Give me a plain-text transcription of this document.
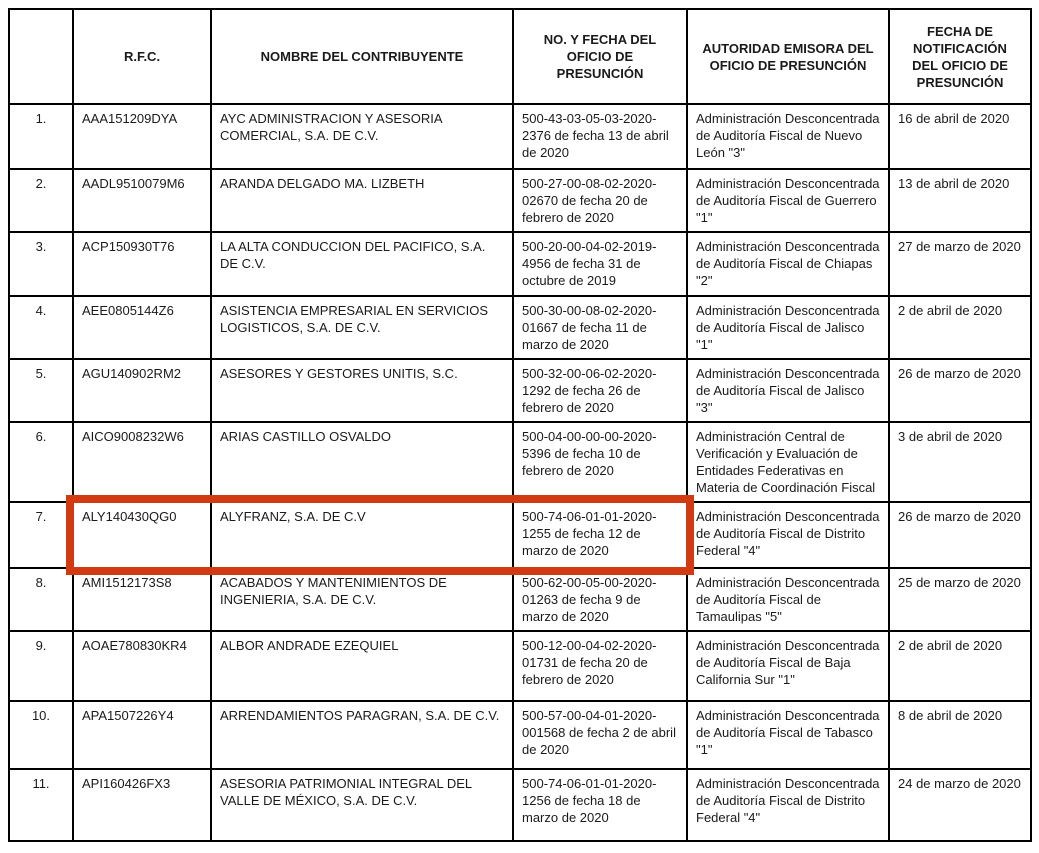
	R.F.C.	NOMBRE DEL CONTRIBUYENTE	NO. Y FECHA DEL OFICIO DE PRESUNCIÓN	AUTORIDAD EMISORA DEL OFICIO DE PRESUNCIÓN	FECHA DE NOTIFICACIÓN DEL OFICIO DE PRESUNCIÓN
1.	AAA151209DYA	AYC ADMINISTRACION Y ASESORIA COMERCIAL, S.A. DE C.V.	500-43-03-05-03-2020-2376 de fecha 13 de abril de 2020	Administración Desconcentrada de Auditoría Fiscal de Nuevo León "3"	16 de abril de 2020
2.	AADL9510079M6	ARANDA DELGADO MA. LIZBETH	500-27-00-08-02-2020-02670 de fecha 20 de febrero de 2020	Administración Desconcentrada de Auditoría Fiscal de Guerrero "1"	13 de abril de 2020
3.	ACP150930T76	LA ALTA CONDUCCION DEL PACIFICO, S.A. DE C.V.	500-20-00-04-02-2019-4956 de fecha 31 de octubre de 2019	Administración Desconcentrada de Auditoría Fiscal de Chiapas "2"	27 de marzo de 2020
4.	AEE0805144Z6	ASISTENCIA EMPRESARIAL EN SERVICIOS LOGISTICOS, S.A. DE C.V.	500-30-00-08-02-2020-01667 de fecha 11 de marzo de 2020	Administración Desconcentrada de Auditoría Fiscal de Jalisco "1"	2 de abril de 2020
5.	AGU140902RM2	ASESORES Y GESTORES UNITIS, S.C.	500-32-00-06-02-2020-1292 de fecha 26 de febrero de 2020	Administración Desconcentrada de Auditoría Fiscal de Jalisco "3"	26 de marzo de 2020
6.	AICO9008232W6	ARIAS CASTILLO OSVALDO	500-04-00-00-00-2020-5396 de fecha 10 de febrero de 2020	Administración Central de Verificación y Evaluación de Entidades Federativas en Materia de Coordinación Fiscal	3 de abril de 2020
7.	ALY140430QG0	ALYFRANZ, S.A. DE C.V	500-74-06-01-01-2020-1255 de fecha 12 de marzo de 2020	Administración Desconcentrada de Auditoría Fiscal de Distrito Federal "4"	26 de marzo de 2020
8.	AMI1512173S8	ACABADOS Y MANTENIMIENTOS DE INGENIERIA, S.A. DE C.V.	500-62-00-05-00-2020-01263 de fecha 9 de marzo de 2020	Administración Desconcentrada de Auditoría Fiscal de Tamaulipas "5"	25 de marzo de 2020
9.	AOAE780830KR4	ALBOR ANDRADE EZEQUIEL	500-12-00-04-02-2020-01731 de fecha 20 de febrero de 2020	Administración Desconcentrada de Auditoría Fiscal de Baja California Sur "1"	2 de abril de 2020
10.	APA1507226Y4	ARRENDAMIENTOS PARAGRAN, S.A. DE C.V.	500-57-00-04-01-2020-001568 de fecha 2 de abril de 2020	Administración Desconcentrada de Auditoría Fiscal de Tabasco "1"	8 de abril de 2020
11.	API160426FX3	ASESORIA PATRIMONIAL INTEGRAL DEL VALLE DE MÉXICO, S.A. DE C.V.	500-74-06-01-01-2020-1256 de fecha 18 de marzo de 2020	Administración Desconcentrada de Auditoría Fiscal de Distrito Federal "4"	24 de marzo de 2020
